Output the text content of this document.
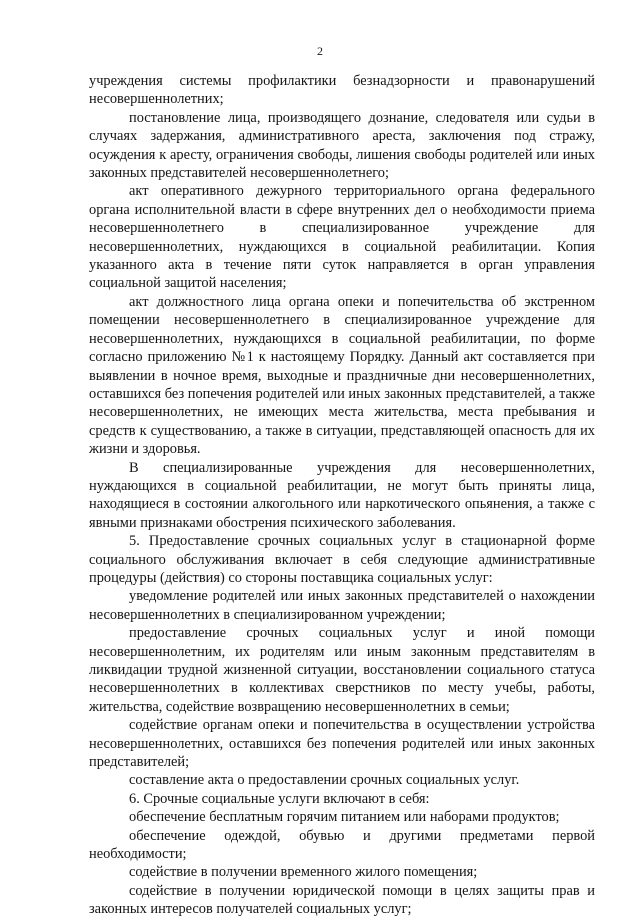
2

учреждения системы профилактики безнадзорности и правонарушений несовершеннолетних;

постановление лица, производящего дознание, следователя или судьи в случаях задержания, административного ареста, заключения под стражу, осуждения к аресту, ограничения свободы, лишения свободы родителей или иных законных представителей несовершеннолетнего;

акт оперативного дежурного территориального органа федерального органа исполнительной власти в сфере внутренних дел о необходимости приема несовершеннолетнего в специализированное учреждение для несовершеннолетних, нуждающихся в социальной реабилитации. Копия указанного акта в течение пяти суток направляется в орган управления социальной защитой населения;

акт должностного лица органа опеки и попечительства об экстренном помещении несовершеннолетнего в специализированное учреждение для несовершеннолетних, нуждающихся в социальной реабилитации, по форме согласно приложению №1 к настоящему Порядку. Данный акт составляется при выявлении в ночное время, выходные и праздничные дни несовершеннолетних, оставшихся без попечения родителей или иных законных представителей, а также несовершеннолетних, не имеющих места жительства, места пребывания и средств к существованию, а также в ситуации, представляющей опасность для их жизни и здоровья.

В специализированные учреждения для несовершеннолетних, нуждающихся в социальной реабилитации, не могут быть приняты лица, находящиеся в состоянии алкогольного или наркотического опьянения, а также с явными признаками обострения психического заболевания.

5. Предоставление срочных социальных услуг в стационарной форме социального обслуживания включает в себя следующие административные процедуры (действия) со стороны поставщика социальных услуг:

уведомление родителей или иных законных представителей о нахождении несовершеннолетних в специализированном учреждении;

предоставление срочных социальных услуг и иной помощи несовершеннолетним, их родителям или иным законным представителям в ликвидации трудной жизненной ситуации, восстановлении социального статуса несовершеннолетних в коллективах сверстников по месту учебы, работы, жительства, содействие возвращению несовершеннолетних в семьи;

содействие органам опеки и попечительства в осуществлении устройства несовершеннолетних, оставшихся без попечения родителей или иных законных представителей;

составление акта о предоставлении срочных социальных услуг.

6. Срочные социальные услуги включают в себя:

обеспечение бесплатным горячим питанием или наборами продуктов;

обеспечение одеждой, обувью и другими предметами первой необходимости;

содействие в получении временного жилого помещения;

содействие в получении юридической помощи в целях защиты прав и законных интересов получателей социальных услуг;
